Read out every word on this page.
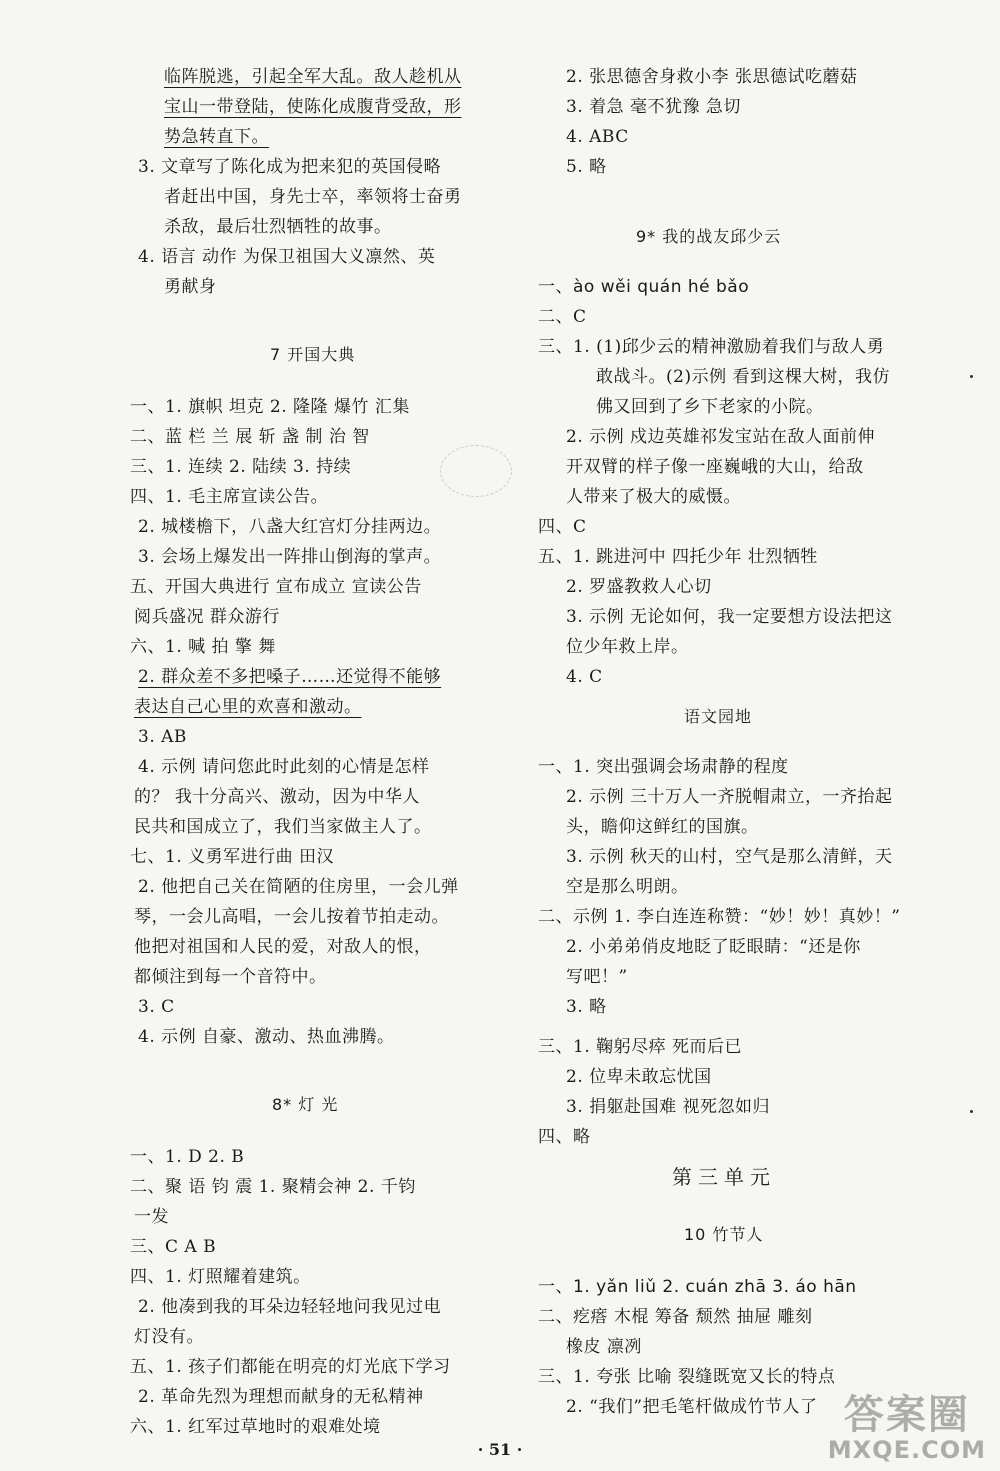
临阵脱逃，引起全军大乱。敌人趁机从
宝山一带登陆，使陈化成腹背受敌，形
势急转直下。
3. 文章写了陈化成为把来犯的英国侵略
者赶出中国，身先士卒，率领将士奋勇
杀敌，最后壮烈牺牲的故事。
4. 语言 动作 为保卫祖国大义凛然、英
勇献身
7 开国大典
一、1. 旗帜 坦克 2. 隆隆 爆竹 汇集
二、蓝 栏 兰 展 斩 盏 制 治 智
三、1. 连续 2. 陆续 3. 持续
四、1. 毛主席宣读公告。
2. 城楼檐下，八盏大红宫灯分挂两边。
3. 会场上爆发出一阵排山倒海的掌声。
五、开国大典进行 宣布成立 宣读公告
阅兵盛况 群众游行
六、1. 喊 拍 擎 舞
2. 群众差不多把嗓子……还觉得不能够
表达自己心里的欢喜和激动。
3. AB
4. 示例 请问您此时此刻的心情是怎样
的？ 我十分高兴、激动，因为中华人
民共和国成立了，我们当家做主人了。
七、1. 义勇军进行曲 田汉
2. 他把自己关在简陋的住房里，一会儿弹
琴，一会儿高唱，一会儿按着节拍走动。
他把对祖国和人民的爱，对敌人的恨，
都倾注到每一个音符中。
3. C
4. 示例 自豪、激动、热血沸腾。
8* 灯 光
一、1. D 2. B
二、聚 语 钧 震 1. 聚精会神 2. 千钧
一发
三、C A B
四、1. 灯照耀着建筑。
2. 他凑到我的耳朵边轻轻地问我见过电
灯没有。
五、1. 孩子们都能在明亮的灯光底下学习
2. 革命先烈为理想而献身的无私精神
六、1. 红军过草地时的艰难处境
2. 张思德舍身救小李 张思德试吃蘑菇
3. 着急 毫不犹豫 急切
4. ABC
5. 略
9* 我的战友邱少云
一、ào wěi quán hé bǎo
二、C
三、1. (1)邱少云的精神激励着我们与敌人勇
敢战斗。(2)示例 看到这棵大树，我仿
佛又回到了乡下老家的小院。
2. 示例 戍边英雄祁发宝站在敌人面前伸
开双臂的样子像一座巍峨的大山，给敌
人带来了极大的威慑。
四、C
五、1. 跳进河中 四托少年 壮烈牺牲
2. 罗盛教救人心切
3. 示例 无论如何，我一定要想方设法把这
位少年救上岸。
4. C
语文园地
一、1. 突出强调会场肃静的程度
2. 示例 三十万人一齐脱帽肃立，一齐抬起
头，瞻仰这鲜红的国旗。
3. 示例 秋天的山村，空气是那么清鲜，天
空是那么明朗。
二、示例 1. 李白连连称赞：“妙！妙！真妙！”
2. 小弟弟俏皮地眨了眨眼睛：“还是你
写吧！”
3. 略
三、1. 鞠躬尽瘁 死而后已
2. 位卑未敢忘忧国
3. 捐躯赴国难 视死忽如归
四、略
第三单元
10 竹节人
一、1. yǎn liǔ 2. cuán zhā 3. áo hān
二、疙瘩 木棍 筹备 颓然 抽屉 雕刻
橡皮 凛冽
三、1. 夸张 比喻 裂缝既宽又长的特点
2. “我们”把毛笔杆做成竹节人了
· 51 ·
答案圈
MXQE.COM
